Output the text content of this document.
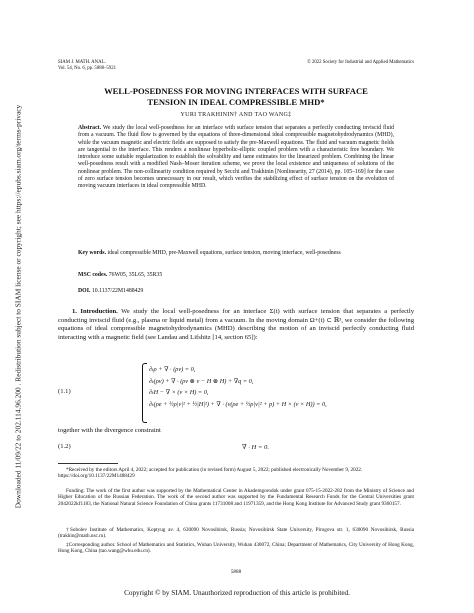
Downloaded 11/09/22 to 202.114.96.200 . Redistribution subject to SIAM license or copyright; see https://epubs.siam.org/terms-privacy
SIAM J. MATH. ANAL.
Vol. 54, No. 6, pp. 5888–5921
© 2022 Society for Industrial and Applied Mathematics
WELL-POSEDNESS FOR MOVING INTERFACES WITH SURFACE
TENSION IN IDEAL COMPRESSIBLE MHD*
YURI TRAKHININ† AND TAO WANG‡
Abstract. We study the local well-posedness for an interface with surface tension that separates a perfectly conducting inviscid fluid from a vacuum. The fluid flow is governed by the equations of three-dimensional ideal compressible magnetohydrodynamics (MHD), while the vacuum magnetic and electric fields are supposed to satisfy the pre-Maxwell equations. The fluid and vacuum magnetic fields are tangential to the interface. This renders a nonlinear hyperbolic-elliptic coupled problem with a characteristic free boundary. We introduce some suitable regularization to establish the solvability and tame estimates for the linearized problem. Combining the linear well-posedness result with a modified Nash–Moser iteration scheme, we prove the local existence and uniqueness of solutions of the nonlinear problem. The non-collinearity condition required by Secchi and Trakhinin [Nonlinearity, 27 (2014), pp. 105–169] for the case of zero surface tension becomes unnecessary in our result, which verifies the stabilizing effect of surface tension on the evolution of moving vacuum interfaces in ideal compressible MHD.
Key words. ideal compressible MHD, pre-Maxwell equations, surface tension, moving interface, well-posedness
MSC codes. 76W05, 35L65, 35R35
DOI. 10.1137/22M1488429
1. Introduction. We study the local well-posedness for an interface Σ(t) with surface tension that separates a perfectly conducting inviscid fluid (e.g., plasma or liquid metal) from a vacuum. In the moving domain Ω+(t) ⊂ ℝ³, we consider the following equations of ideal compressible magnetohydrodynamics (MHD) describing the motion of an inviscid perfectly conducting fluid interacting with a magnetic field (see Landau and Lifshitz [14, section 65]):
(1.1)
∂ₜρ + ∇ · (ρv) = 0,
∂ₜ(ρv) + ∇ · (ρv ⊗ v − H ⊗ H) + ∇q = 0,
∂ₜH − ∇ × (v × H) = 0,
∂ₜ(ρe + ½ρ|v|² + ½|H|²) + ∇ · (v(ρe + ½ρ|v|² + p) + H × (v × H)) = 0,
together with the divergence constraint
(1.2)	∇ · H = 0.
*Received by the editors April 4, 2022; accepted for publication (in revised form) August 5, 2022; published electronically November 9, 2022.
https://doi.org/10.1137/22M1488429
Funding: The work of the first author was supported by the Mathematical Center in Akademgorodok under grant 075-15-2022-282 from the Ministry of Science and Higher Education of the Russian Federation. The work of the second author was supported by the Fundamental Research Funds for the Central Universities grant 2042022kf1183, the National Natural Science Foundation of China grants 11731008 and 11971359, and the Hong Kong Institute for Advanced Study grant 9360157.
†Sobolev Institute of Mathematics, Koptyug av. 4, 630090 Novosibirsk, Russia; Novosibirsk State University, Pirogova str. 1, 630090 Novosibirsk, Russia (trakhin@math.nsc.ru).
‡Corresponding author. School of Mathematics and Statistics, Wuhan University, Wuhan 430072, China; Department of Mathematics, City University of Hong Kong, Hong Kong, China (tao.wang@whu.edu.cn).
5888
Copyright © by SIAM. Unauthorized reproduction of this article is prohibited.
